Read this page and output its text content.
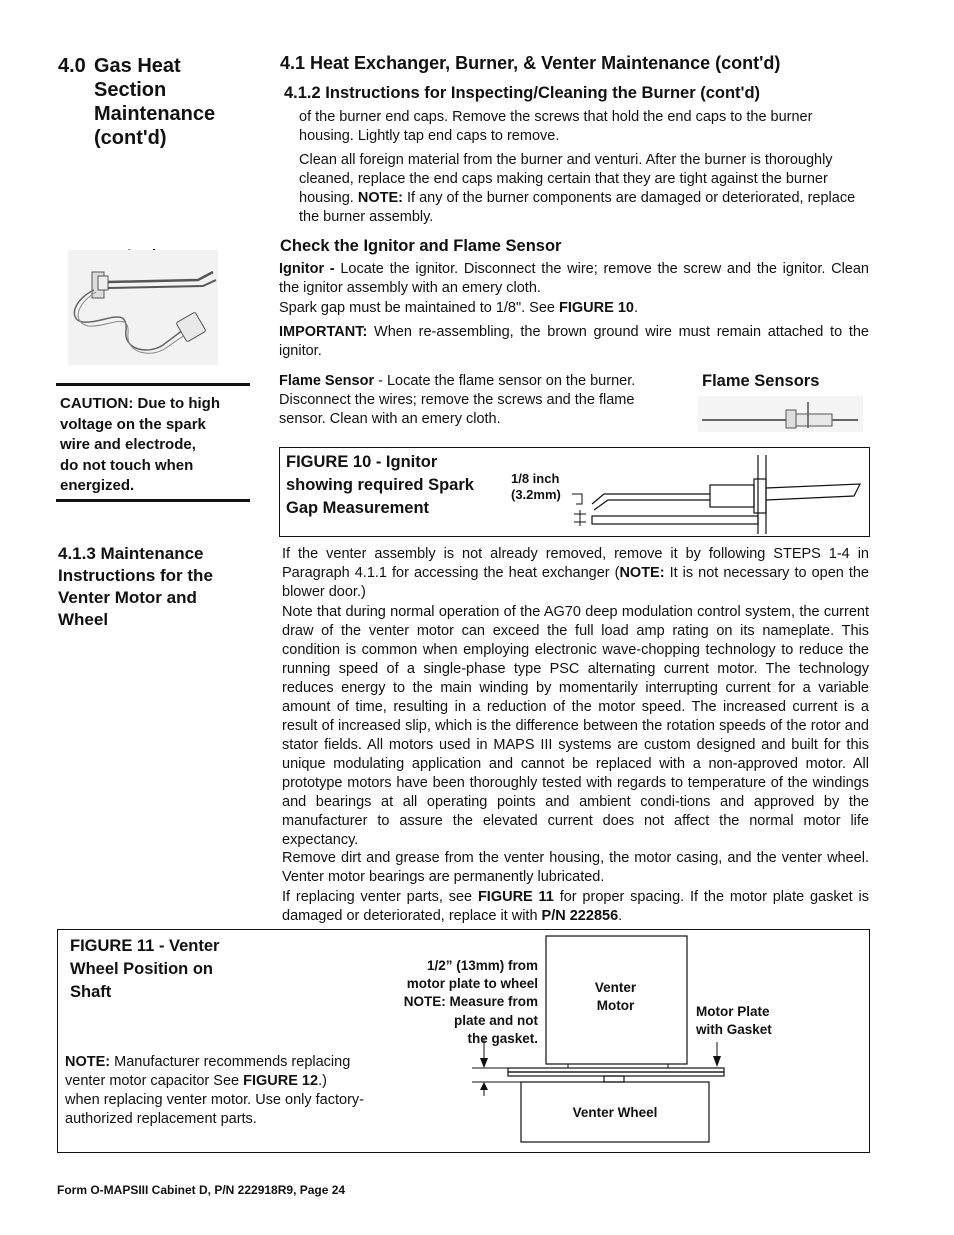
4.0 Gas Heat
Section
Maintenance
(cont'd)
CAUTION: Due to high
voltage on the spark
wire and electrode,
do not touch when
energized.
4.1.3 Maintenance
Instructions for the
Venter Motor and
Wheel
4.1 Heat Exchanger, Burner, & Venter Maintenance (cont'd)
4.1.2 Instructions for Inspecting/Cleaning the Burner (cont'd)

of the burner end caps. Remove the screws that hold the end caps to the burner housing. Lightly tap end caps to remove.

Clean all foreign material from the burner and venturi. After the burner is thoroughly cleaned, replace the end caps making certain that they are tight against the burner housing. NOTE: If any of the burner components are damaged or deteriorated, replace the burner assembly.

Check the Ignitor and Flame Sensor

Ignitor - Locate the ignitor. Disconnect the wire; remove the screw and the ignitor. Clean the ignitor assembly with an emery cloth.

Spark gap must be maintained to 1/8". See FIGURE 10.

IMPORTANT: When re-assembling, the brown ground wire must remain attached to the ignitor.

Flame Sensor - Locate the flame sensor on the burner. Disconnect the wires; remove the screws and the flame sensor. Clean with an emery cloth.

Flame Sensors
FIGURE 10 - Ignitor
showing required Spark
Gap Measurement
1/8 inch
(3.2mm)

If the venter assembly is not already removed, remove it by following STEPS 1-4 in Paragraph 4.1.1 for accessing the heat exchanger (NOTE: It is not necessary to open the blower door.)

Note that during normal operation of the AG70 deep modulation control system, the current draw of the venter motor can exceed the full load amp rating on its nameplate. This condition is common when employing electronic wave-chopping technology to reduce the running speed of a single-phase type PSC alternating current motor. The technology reduces energy to the main winding by momentarily interrupting current for a variable amount of time, resulting in a reduction of the motor speed. The increased current is a result of increased slip, which is the difference between the rotation speeds of the rotor and stator fields. All motors used in MAPS III systems are custom designed and built for this unique modulating application and cannot be replaced with a non-approved motor. All prototype motors have been thoroughly tested with regards to temperature of the windings and bearings at all operating points and ambient condi-tions and approved by the manufacturer to assure the elevated current does not affect the normal motor life expectancy.

Remove dirt and grease from the venter housing, the motor casing, and the venter wheel. Venter motor bearings are permanently lubricated.

If replacing venter parts, see FIGURE 11 for proper spacing. If the motor plate gasket is damaged or deteriorated, replace it with P/N 222856.

FIGURE 11 - Venter
Wheel Position on
Shaft

NOTE: Manufacturer recommends replacing venter motor capacitor See FIGURE 12.) when replacing venter motor. Use only factory-authorized replacement parts.

1/2” (13mm) from
motor plate to wheel
NOTE: Measure from
plate and not
the gasket.
Venter
Motor	Motor Plate
with Gasket
Venter Wheel
Form O-MAPSIII Cabinet D, P/N 222918R9, Page 24
